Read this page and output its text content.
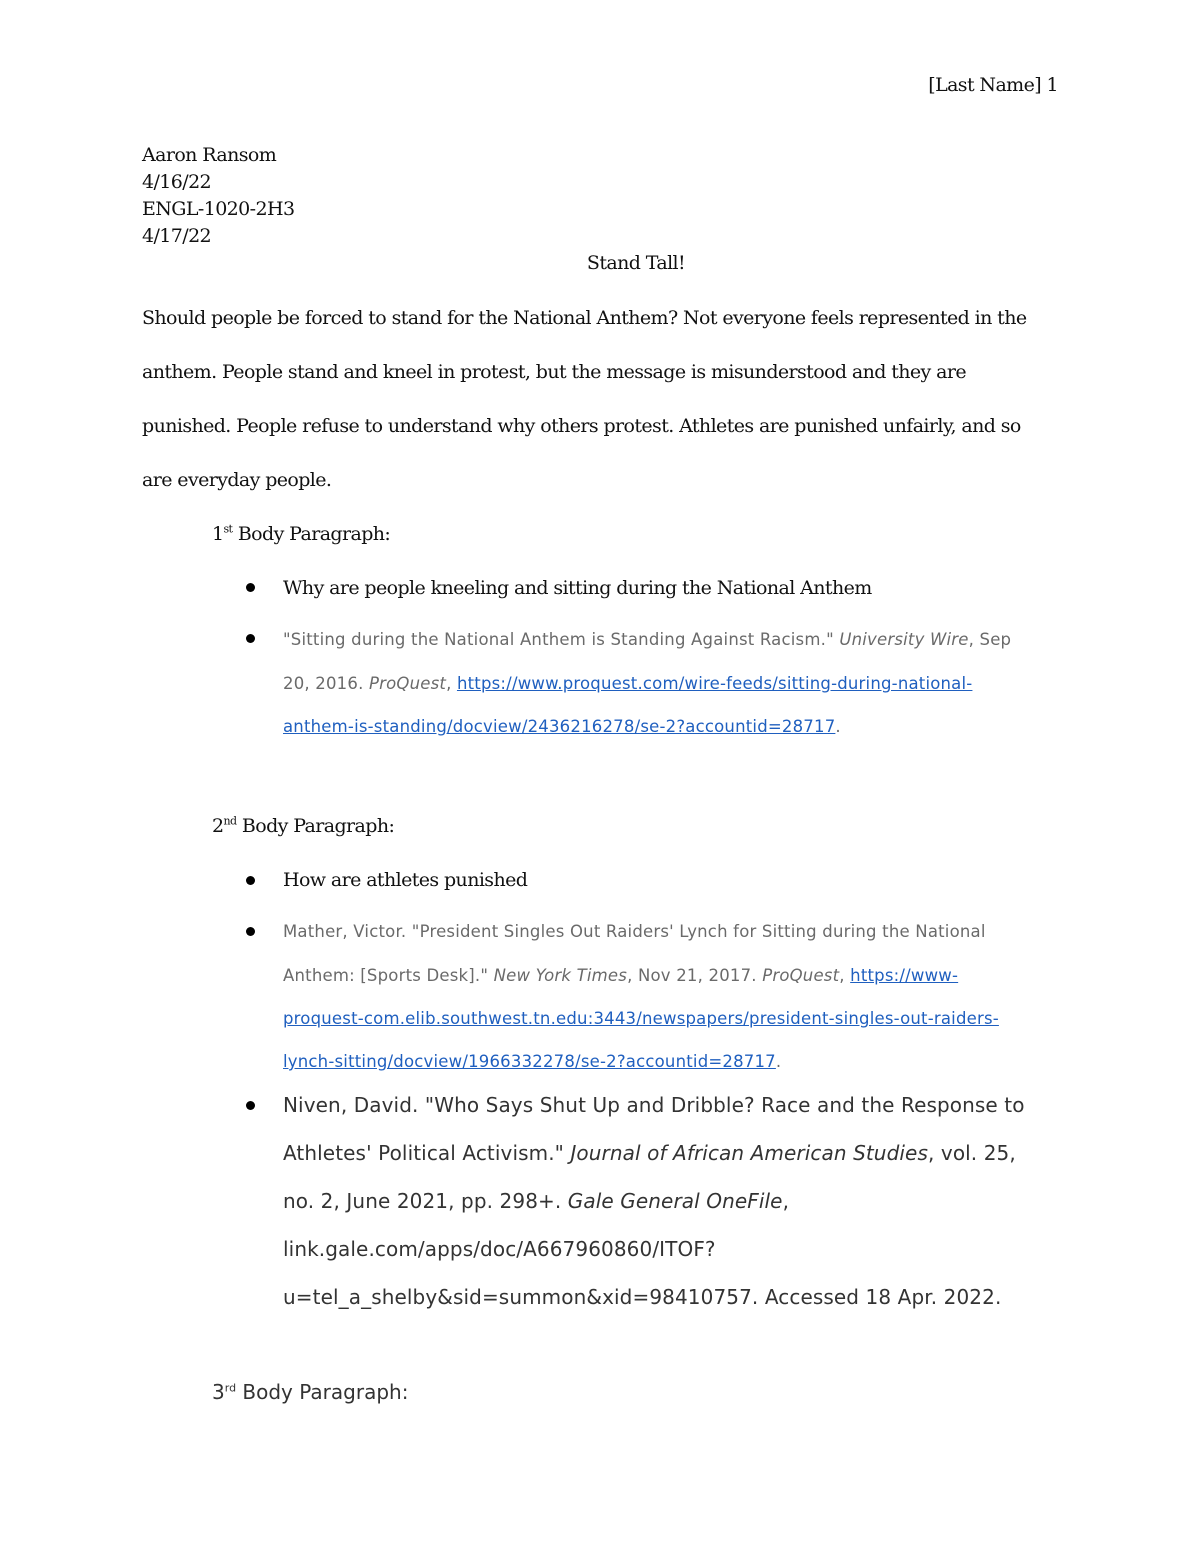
[Last Name] 1
Aaron Ransom
4/16/22
ENGL-1020-2H3
4/17/22
Stand Tall!
Should people be forced to stand for the National Anthem? Not everyone feels represented in the
anthem. People stand and kneel in protest, but the message is misunderstood and they are
punished. People refuse to understand why others protest. Athletes are punished unfairly, and so
are everyday people.
1st Body Paragraph:
Why are people kneeling and sitting during the National Anthem
"Sitting during the National Anthem is Standing Against Racism." University Wire, Sep
20, 2016. ProQuest, https://www.proquest.com/wire-feeds/sitting-during-national-
anthem-is-standing/docview/2436216278/se-2?accountid=28717.
2nd Body Paragraph:
How are athletes punished
Mather, Victor. "President Singles Out Raiders' Lynch for Sitting during the National
Anthem: [Sports Desk]." New York Times, Nov 21, 2017. ProQuest, https://www-
proquest-com.elib.southwest.tn.edu:3443/newspapers/president-singles-out-raiders-
lynch-sitting/docview/1966332278/se-2?accountid=28717.
Niven, David. "Who Says Shut Up and Dribble? Race and the Response to
Athletes' Political Activism." Journal of African American Studies, vol. 25,
no. 2, June 2021, pp. 298+. Gale General OneFile,
link.gale.com/apps/doc/A667960860/ITOF?
u=tel_a_shelby&sid=summon&xid=98410757. Accessed 18 Apr. 2022.
3rd Body Paragraph:
